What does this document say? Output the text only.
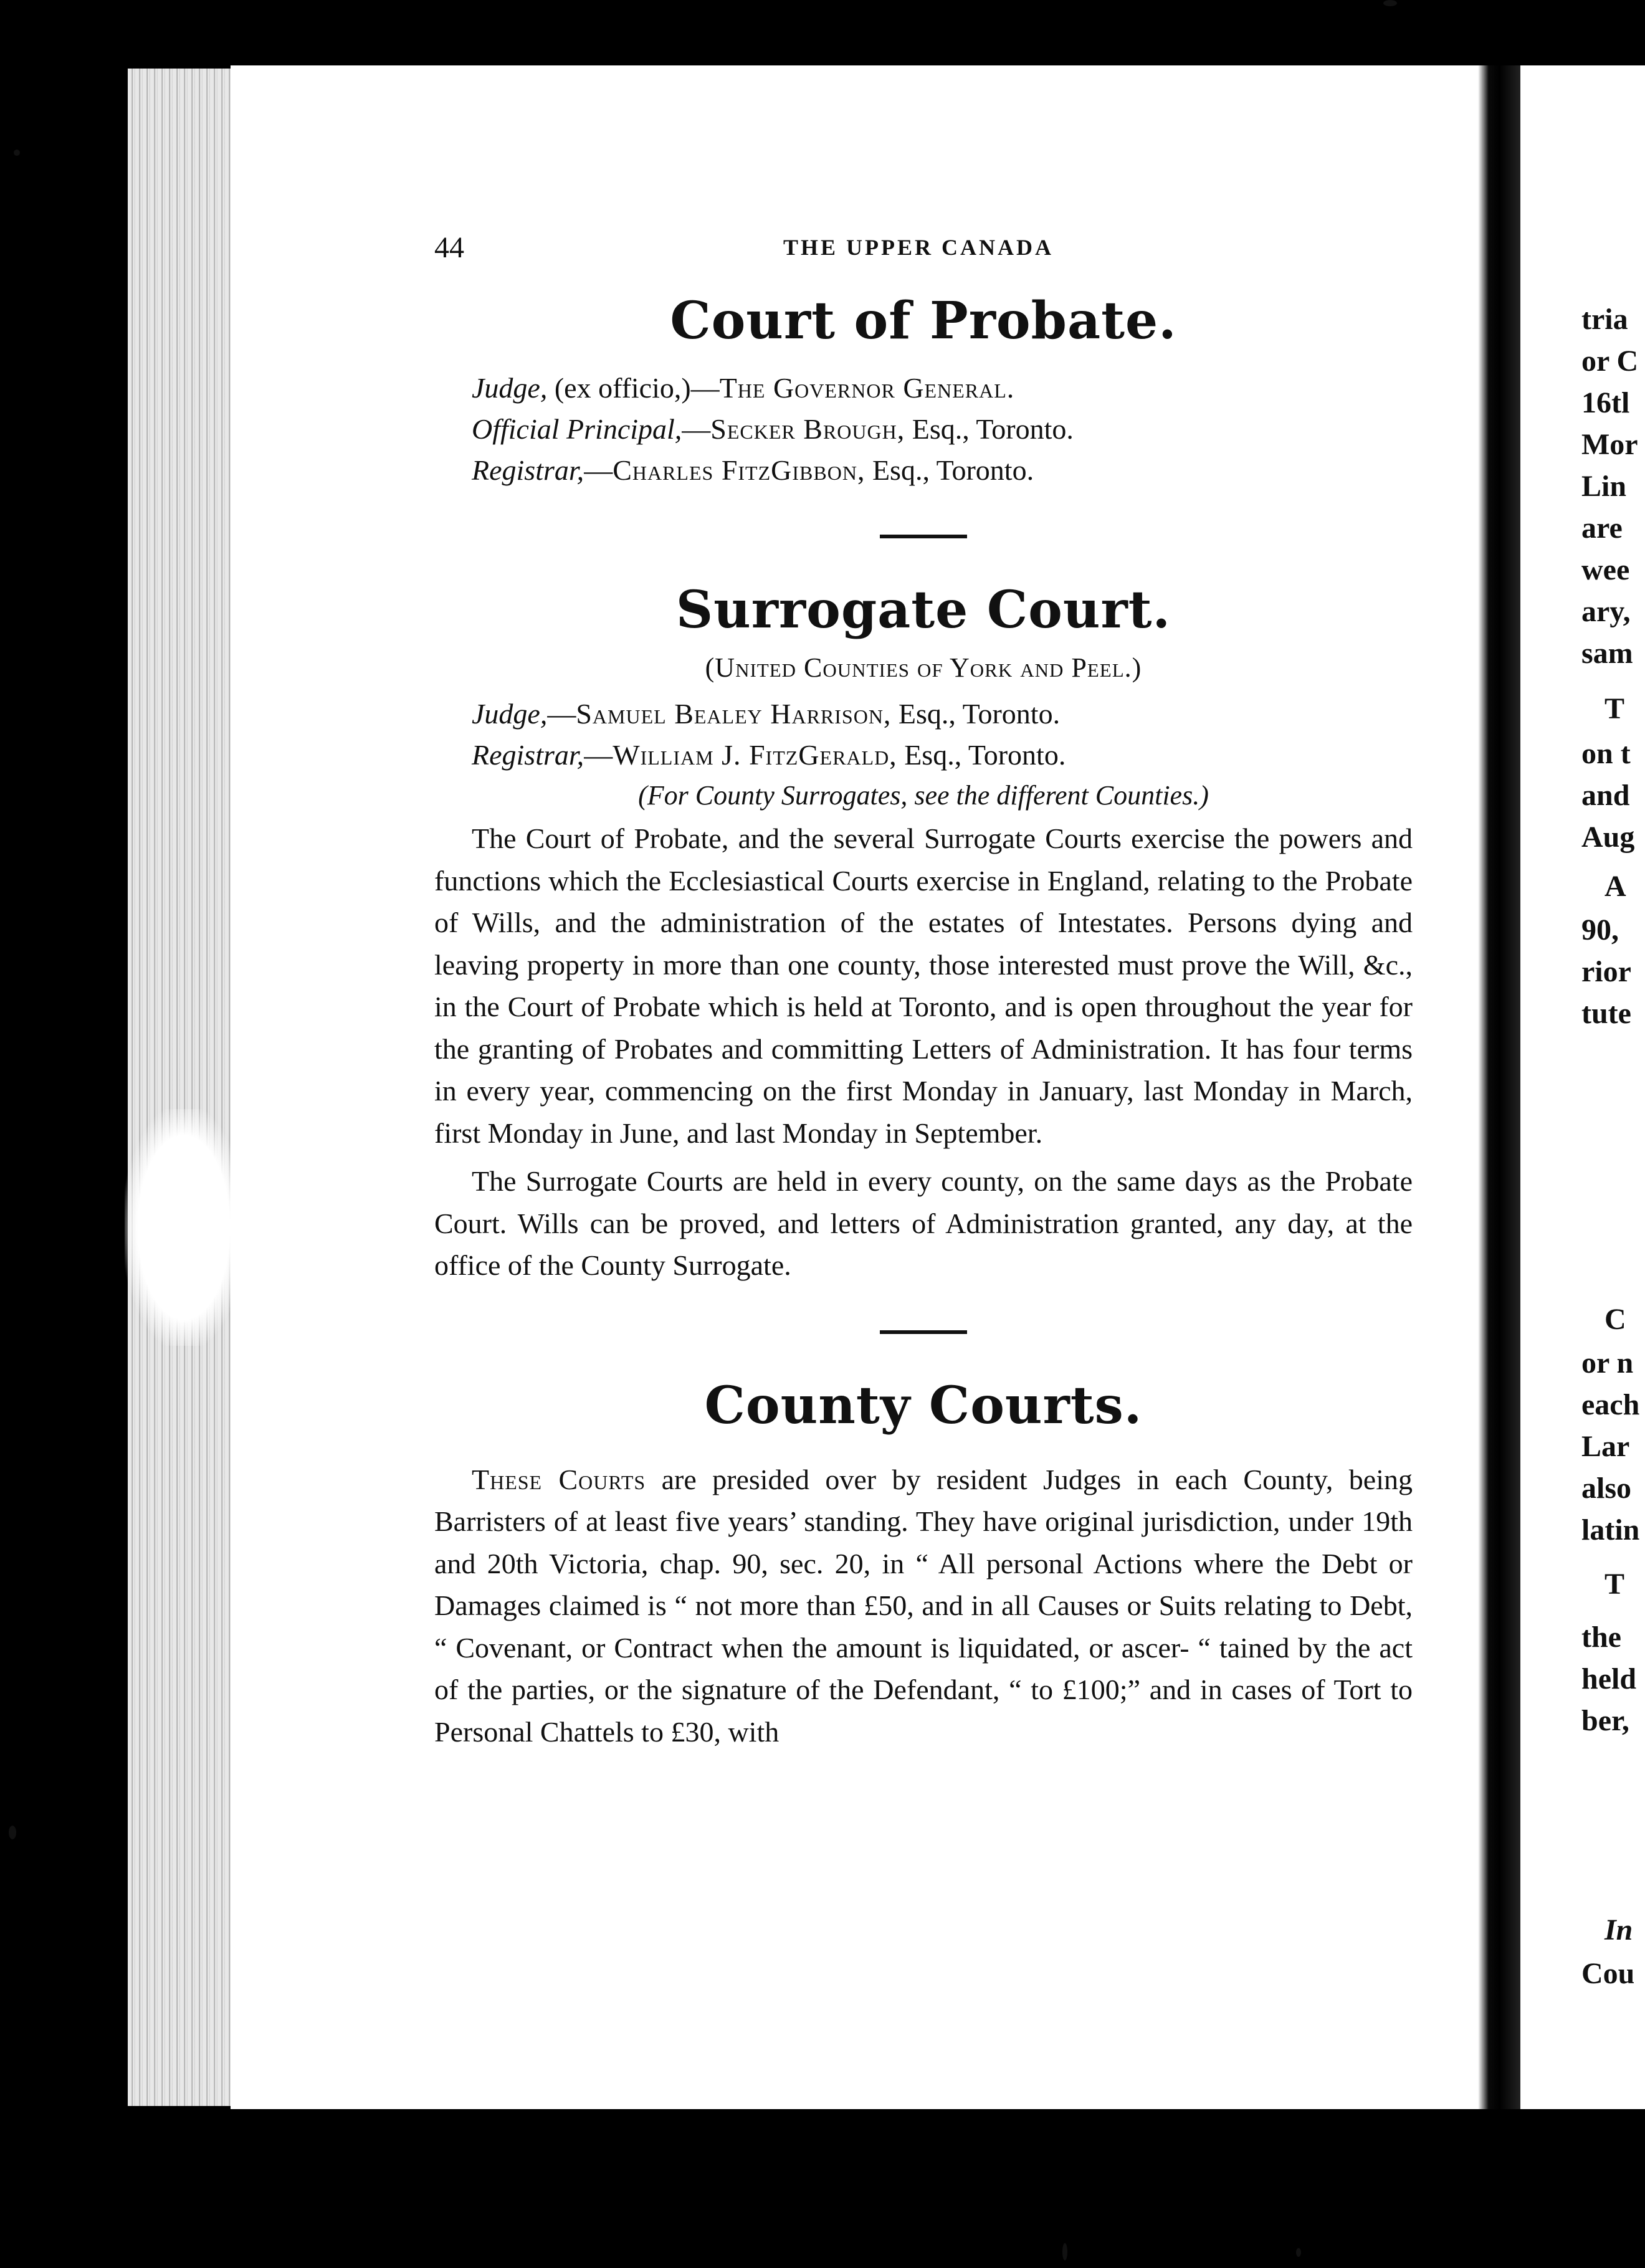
tria
or C
16tl
Mor
Lin
are
wee
ary,
sam
T
on t
and
Aug
A
90,
rior
tute
C
or n
each
Lar
also
latin
T
the
held
ber,
In
Cou
44	THE UPPER CANADA
Court of Probate.

Judge, (ex officio,)—The Governor General.

Official Principal,—Secker Brough, Esq., Toronto.

Registrar,—Charles FitzGibbon, Esq., Toronto.

Surrogate Court.

(United Counties of York and Peel.)

Judge,—Samuel Bealey Harrison, Esq., Toronto.

Registrar,—William J. FitzGerald, Esq., Toronto.

(For County Surrogates, see the different Counties.)

The Court of Probate, and the several Surrogate Courts exercise the powers and functions which the Ecclesiastical Courts exercise in England, relating to the Probate of Wills, and the administration of the estates of Intestates. Persons dying and leaving property in more than one county, those interested must prove the Will, &c., in the Court of Probate which is held at Toronto, and is open throughout the year for the granting of Probates and committing Letters of Administration. It has four terms in every year, commencing on the first Monday in January, last Monday in March, first Monday in June, and last Monday in September.

The Surrogate Courts are held in every county, on the same days as the Probate Court. Wills can be proved, and letters of Administration granted, any day, at the office of the County Surrogate.

County Courts.

These Courts are presided over by resident Judges in each County, being Barristers of at least five years’ standing. They have original jurisdiction, under 19th and 20th Victoria, chap. 90, sec. 20, in “ All personal Actions where the Debt or Damages claimed is “ not more than £50, and in all Causes or Suits relating to Debt, “ Covenant, or Contract when the amount is liquidated, or ascer- “ tained by the act of the parties, or the signature of the Defendant, “ to £100;” and in cases of Tort to Personal Chattels to £30, with
